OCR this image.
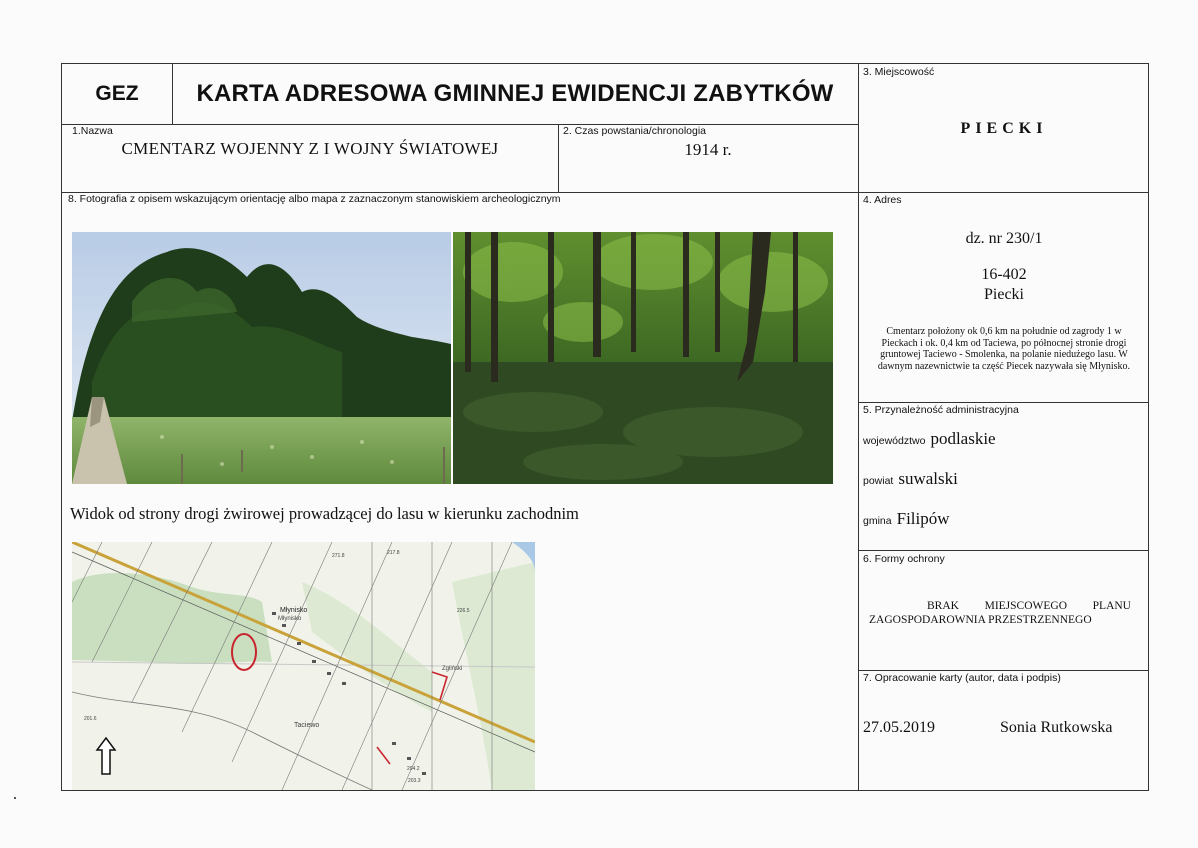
GEZ	KARTA ADRESOWA GMINNEJ EWIDENCJI ZABYTKÓW
1.Nazwa
CMENTARZ WOJENNY Z I WOJNY ŚWIATOWEJ
2. Czas powstania/chronologia
1914 r.
3. Miejscowość
PIECKI
8. Fotografia z opisem wskazującym orientację albo mapa z zaznaczonym stanowiskiem archeologicznym
Widok od strony drogi żwirowej prowadzącej do lasu w kierunku zachodnim
Młynisko
Młynisko
Taciewo
Zgliński
271.8
204.2
203.3
226.5
201.6
217.8
4. Adres
dz. nr 230/1
16-402
Piecki
Cmentarz położony ok 0,6 km na południe od zagrody 1 w Pieckach i ok. 0,4 km od Taciewa, po północnej stronie drogi gruntowej Taciewo - Smolenka, na polanie niedużego lasu. W dawnym nazewnictwie ta część Piecek nazywała się Młynisko.
5. Przynależność administracyjna
województwo podlaskie
powiat suwalski
gmina Filipów
6. Formy ochrony
BRAK MIEJSCOWEGO PLANU
ZAGOSPODAROWNIA PRZESTRZENNEGO
7. Opracowanie karty (autor, data i podpis)
27.05.2019	Sonia Rutkowska
